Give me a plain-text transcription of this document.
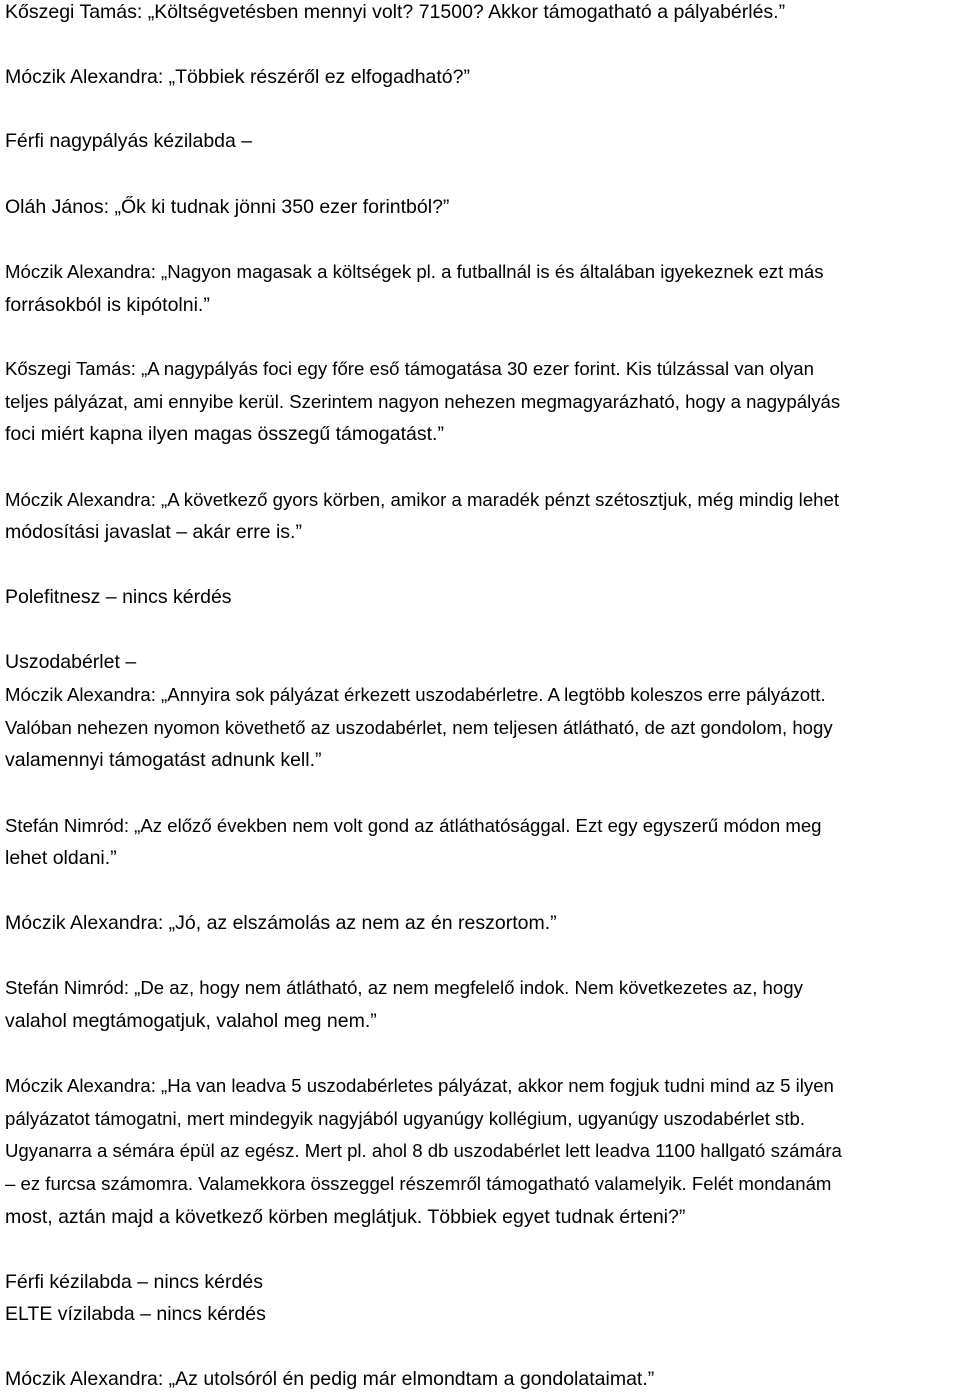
Kőszegi Tamás: „Költségvetésben mennyi volt? 71500? Akkor támogatható a pályabérlés.”
Móczik Alexandra: „Többiek részéről ez elfogadható?”
Férfi nagypályás kézilabda –
Oláh János: „Ők ki tudnak jönni 350 ezer forintból?”
Móczik Alexandra: „Nagyon magasak a költségek pl. a futballnál is és általában igyekeznek ezt más
forrásokból is kipótolni.”
Kőszegi Tamás: „A nagypályás foci egy főre eső támogatása 30 ezer forint. Kis túlzással van olyan
teljes pályázat, ami ennyibe kerül. Szerintem nagyon nehezen megmagyarázható, hogy a nagypályás
foci miért kapna ilyen magas összegű támogatást.”
Móczik Alexandra: „A következő gyors körben, amikor a maradék pénzt szétosztjuk, még mindig lehet
módosítási javaslat – akár erre is.”
Polefitnesz – nincs kérdés
Uszodabérlet –
Móczik Alexandra: „Annyira sok pályázat érkezett uszodabérletre. A legtöbb koleszos erre pályázott.
Valóban nehezen nyomon követhető az uszodabérlet, nem teljesen átlátható, de azt gondolom, hogy
valamennyi támogatást adnunk kell.”
Stefán Nimród: „Az előző években nem volt gond az átláthatósággal. Ezt egy egyszerű módon meg
lehet oldani.”
Móczik Alexandra: „Jó, az elszámolás az nem az én reszortom.”
Stefán Nimród: „De az, hogy nem átlátható, az nem megfelelő indok. Nem következetes az, hogy
valahol megtámogatjuk, valahol meg nem.”
Móczik Alexandra: „Ha van leadva 5 uszodabérletes pályázat, akkor nem fogjuk tudni mind az 5 ilyen
pályázatot támogatni, mert mindegyik nagyjából ugyanúgy kollégium, ugyanúgy uszodabérlet stb.
Ugyanarra a sémára épül az egész. Mert pl. ahol 8 db uszodabérlet lett leadva 1100 hallgató számára
– ez furcsa számomra. Valamekkora összeggel részemről támogatható valamelyik. Felét mondanám
most, aztán majd a következő körben meglátjuk. Többiek egyet tudnak érteni?”
Férfi kézilabda – nincs kérdés
ELTE vízilabda – nincs kérdés
Móczik Alexandra: „Az utolsóról én pedig már elmondtam a gondolataimat.”
